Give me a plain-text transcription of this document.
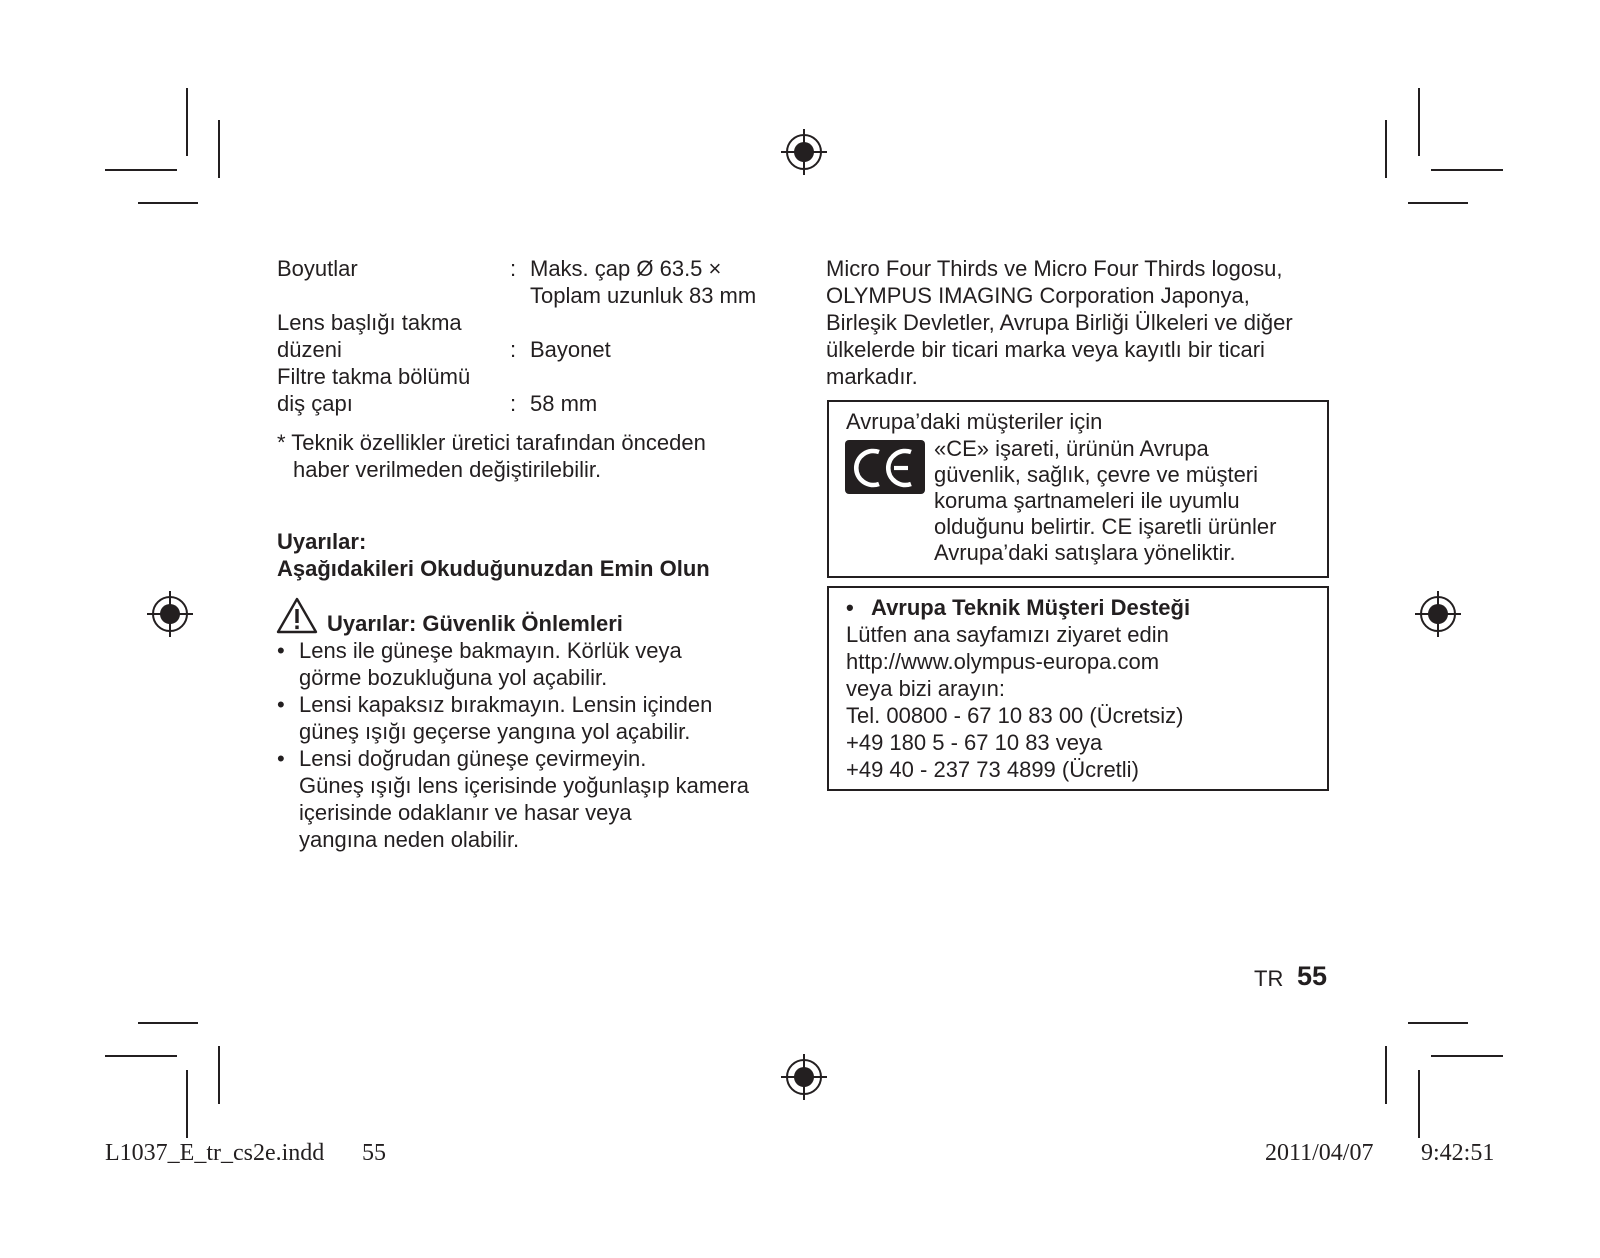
Boyutlar	: Maks. çap Ø 63.5 ×
Toplam uzunluk 83 mm
Lens başlığı takma
düzeni	: Bayonet
Filtre takma bölümü
diş çapı	: 58 mm
* Teknik özellikler üretici tarafından önceden
haber verilmeden değiştirilebilir.
Uyarılar:
Aşağıdakileri Okuduğunuzdan Emin Olun
Uyarılar: Güvenlik Önlemleri
• Lens ile güneşe bakmayın. Körlük veya
görme bozukluğuna yol açabilir.
• Lensi kapaksız bırakmayın. Lensin içinden
güneş ışığı geçerse yangına yol açabilir.
• Lensi doğrudan güneşe çevirmeyin.
Güneş ışığı lens içerisinde yoğunlaşıp kamera
içerisinde odaklanır ve hasar veya
yangına neden olabilir.
Micro Four Thirds ve Micro Four Thirds logosu,
OLYMPUS IMAGING Corporation Japonya,
Birleşik Devletler, Avrupa Birliği Ülkeleri ve diğer
ülkelerde bir ticari marka veya kayıtlı bir ticari
markadır.
Avrupa’daki müşteriler için
«CE» işareti, ürünün Avrupa
güvenlik, sağlık, çevre ve müşteri
koruma şartnameleri ile uyumlu
olduğunu belirtir. CE işaretli ürünler
Avrupa’daki satışlara yöneliktir.
• Avrupa Teknik Müşteri Desteği
Lütfen ana sayfamızı ziyaret edin
http://www.olympus-europa.com
veya bizi arayın:
Tel. 00800 - 67 10 83 00 (Ücretsiz)
+49 180 5 - 67 10 83 veya
+49 40 - 237 73 4899 (Ücretli)
TR 55
L1037_E_tr_cs2e.indd 55	2011/04/07 9:42:51
